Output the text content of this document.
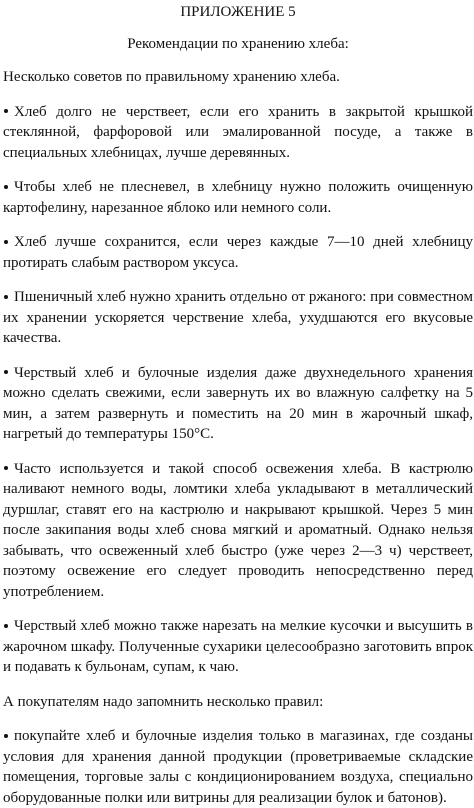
ПРИЛОЖЕНИЕ 5
Рекомендации по хранению хлеба:

Несколько советов по правильному хранению хлеба.

Хлеб долго не черствеет, если его хранить в закрытой крышкой стеклянной, фарфоровой или эмалированной посуде, а также в специальных хлебницах, лучше деревянных.
Чтобы хлеб не плесневел, в хлебницу нужно положить очищенную картофелину, нарезанное яблоко или немного соли.
Хлеб лучше сохранится, если через каждые 7—10 дней хлебницу протирать слабым раствором уксуса.
Пшеничный хлеб нужно хранить отдельно от ржаного: при совместном их хранении ускоряется черствение хлеба, ухудшаются его вкусовые качества.
Черствый хлеб и булочные изделия даже двухнедельного хранения можно сделать свежими, если завернуть их во влажную салфетку на 5 мин, а затем развернуть и поместить на 20 мин в жарочный шкаф, нагретый до температуры 150°С.
Часто используется и такой способ освежения хлеба. В кастрюлю наливают немного воды, ломтики хлеба укладывают в металлический дуршлаг, ставят его на кастрюлю и накрывают крышкой. Через 5 мин после закипания воды хлеб снова мягкий и ароматный. Однако нельзя забывать, что освеженный хлеб быстро (уже через 2—3 ч) черствеет, поэтому освежение его следует проводить непосредственно перед употреблением.
Черствый хлеб можно также нарезать на мелкие кусочки и высушить в жарочном шкафу. Полученные сухарики целесообразно заготовить впрок и подавать к бульонам, супам, к чаю.

А покупателям надо запомнить несколько правил:

покупайте хлеб и булочные изделия только в магазинах, где созданы условия для хранения данной продукции (проветриваемые складские помещения, торговые залы с кондиционированием воздуха, специально оборудованные полки или витрины для реализации булок и батонов).
